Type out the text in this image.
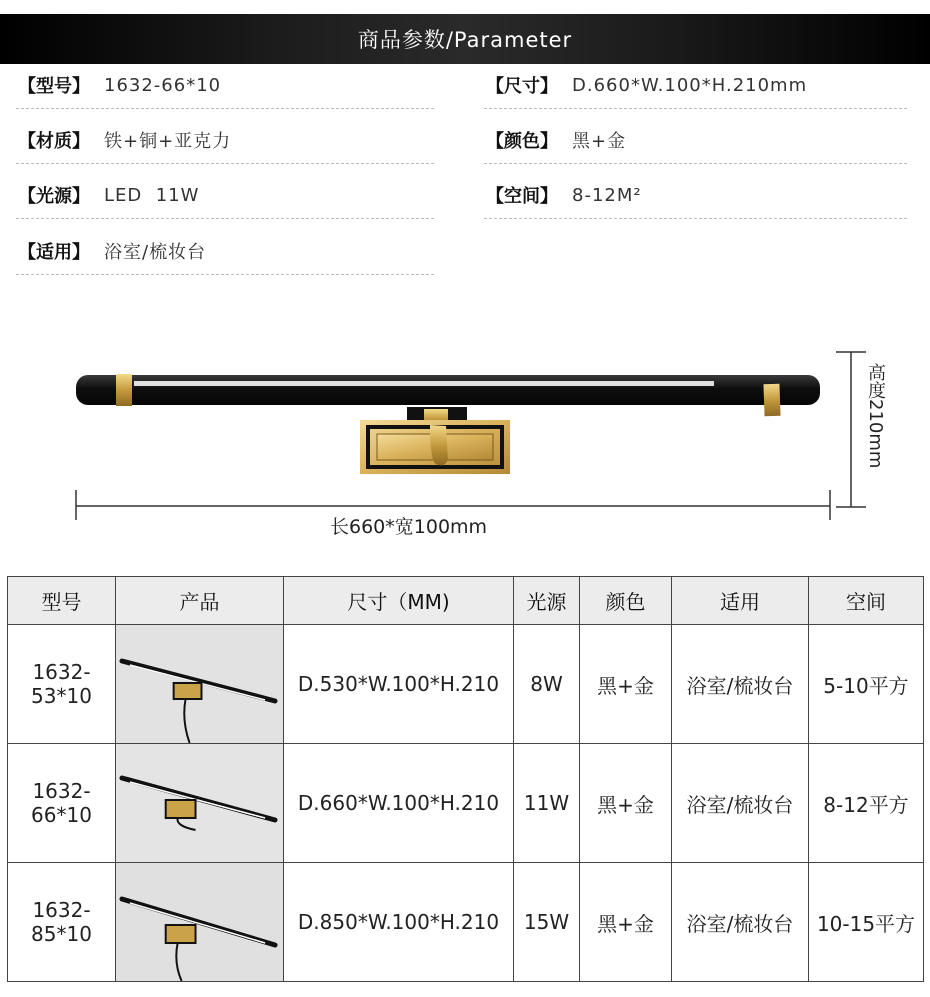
商品参数/Parameter
【型号】 1632-66*10	【尺寸】 D.660*W.100*H.210mm
【材质】 铁+铜+亚克力	【颜色】 黑+金
【光源】 LED  11W	【空间】 8-12M²
【适用】 浴室/梳妆台
长660*宽100mm
高度210mm
型号	产品	尺寸（MM)	光源	颜色	适用	空间
1632-
53*10		D.530*W.100*H.210	8W	黑+金	浴室/梳妆台	5-10平方
1632-
66*10		D.660*W.100*H.210	11W	黑+金	浴室/梳妆台	8-12平方
1632-
85*10		D.850*W.100*H.210	15W	黑+金	浴室/梳妆台	10-15平方
